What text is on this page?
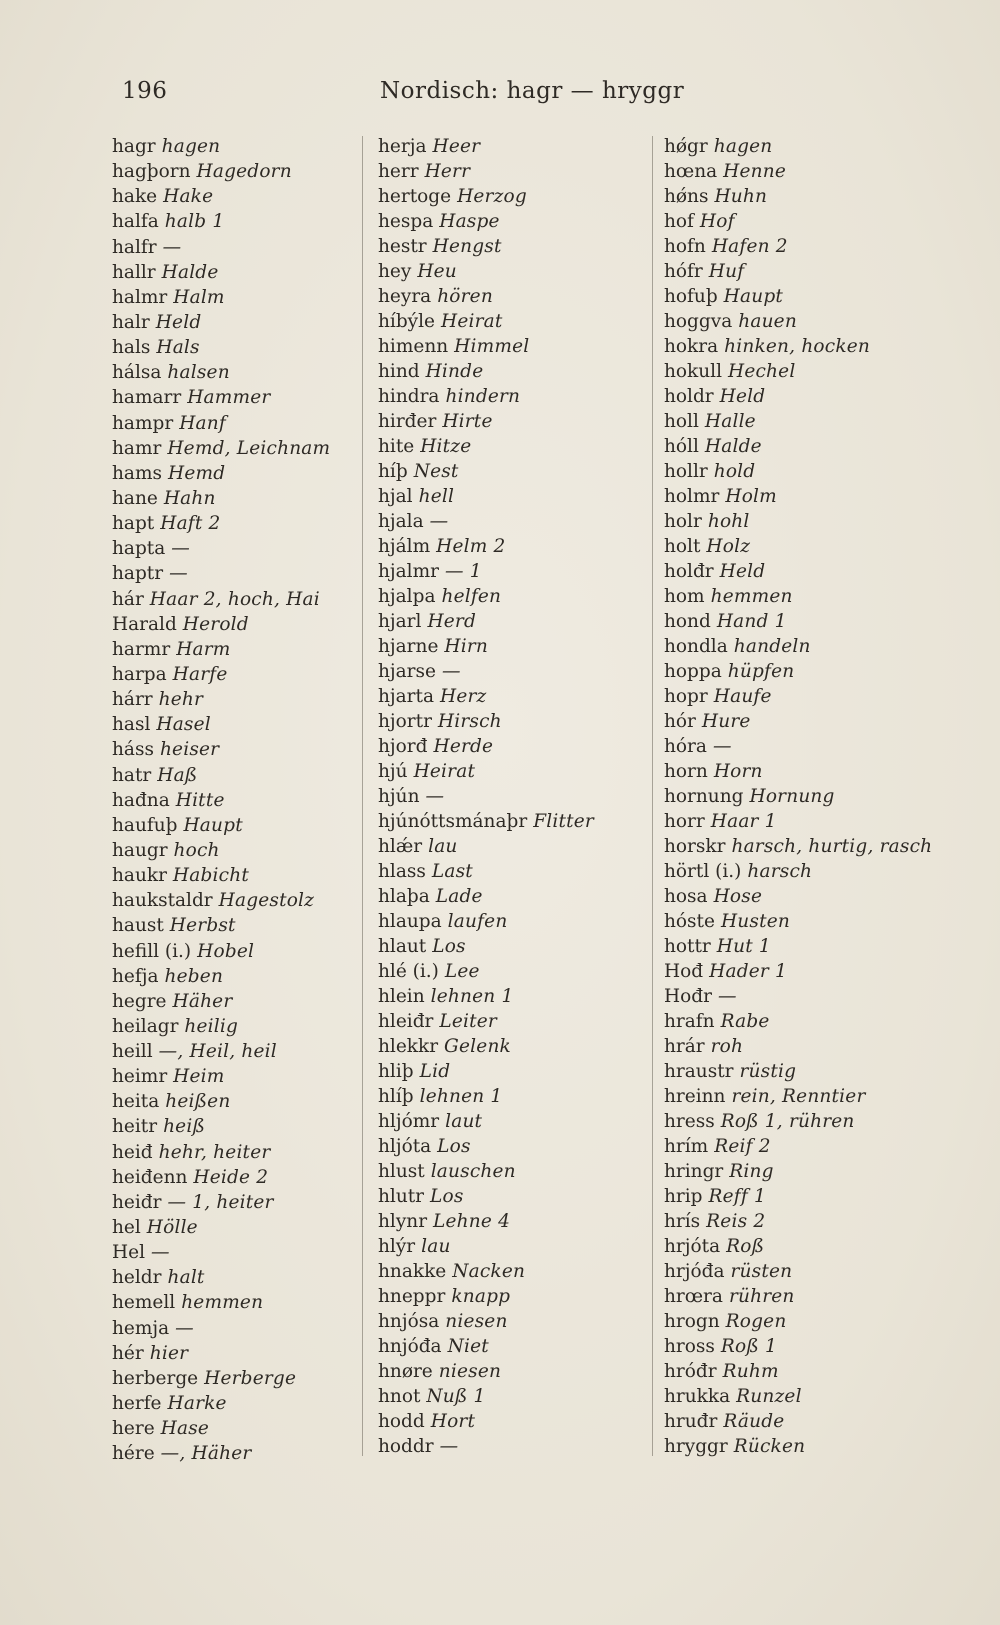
196	Nordisch: hagr — hryggr
hagr hagen
hagþorn Hagedorn
hake Hake
halfa halb 1
halfr —
hallr Halde
halmr Halm
halr Held
hals Hals
hálsa halsen
hamarr Hammer
hampr Hanf
hamr Hemd, Leichnam
hams Hemd
hane Hahn
hapt Haft 2
hapta —
haptr —
hár Haar 2, hoch, Hai
Harald Herold
harmr Harm
harpa Harfe
hárr hehr
hasl Hasel
háss heiser
hatr Haß
hađna Hitte
haufuþ Haupt
haugr hoch
haukr Habicht
haukstaldr Hagestolz
haust Herbst
hefill (i.) Hobel
hefja heben
hegre Häher
heilagr heilig
heill —, Heil, heil
heimr Heim
heita heißen
heitr heiß
heiđ hehr, heiter
heiđenn Heide 2
heiđr — 1, heiter
hel Hölle
Hel —
heldr halt
hemell hemmen
hemja —
hér hier
herberge Herberge
herfe Harke
here Hase
hére —, Häher
herja Heer
herr Herr
hertoge Herzog
hespa Haspe
hestr Hengst
hey Heu
heyra hören
híbýle Heirat
himenn Himmel
hind Hinde
hindra hindern
hirđer Hirte
hite Hitze
híþ Nest
hjal hell
hjala —
hjálm Helm 2
hjalmr — 1
hjalpa helfen
hjarl Herd
hjarne Hirn
hjarse —
hjarta Herz
hjortr Hirsch
hjorđ Herde
hjú Heirat
hjún —
hjúnóttsmánaþr Flitter
hlǽr lau
hlass Last
hlaþa Lade
hlaupa laufen
hlaut Los
hlé (i.) Lee
hlein lehnen 1
hleiđr Leiter
hlekkr Gelenk
hliþ Lid
hlíþ lehnen 1
hljómr laut
hljóta Los
hlust lauschen
hlutr Los
hlynr Lehne 4
hlýr lau
hnakke Nacken
hneppr knapp
hnjósa niesen
hnjóđa Niet
hnøre niesen
hnot Nuß 1
hodd Hort
hoddr —
hǿgr hagen
hœna Henne
hǿns Huhn
hof Hof
hofn Hafen 2
hófr Huf
hofuþ Haupt
hoggva hauen
hokra hinken, hocken
hokull Hechel
holdr Held
holl Halle
hóll Halde
hollr hold
holmr Holm
holr hohl
holt Holz
holđr Held
hom hemmen
hond Hand 1
hondla handeln
hoppa hüpfen
hopr Haufe
hór Hure
hóra —
horn Horn
hornung Hornung
horr Haar 1
horskr harsch, hurtig, rasch
hörtl (i.) harsch
hosa Hose
hóste Husten
hottr Hut 1
Hođ Hader 1
Hođr —
hrafn Rabe
hrár roh
hraustr rüstig
hreinn rein, Renntier
hress Roß 1, rühren
hrím Reif 2
hringr Ring
hrip Reff 1
hrís Reis 2
hrjóta Roß
hrjóđa rüsten
hrœra rühren
hrogn Rogen
hross Roß 1
hróđr Ruhm
hrukka Runzel
hruđr Räude
hryggr Rücken
